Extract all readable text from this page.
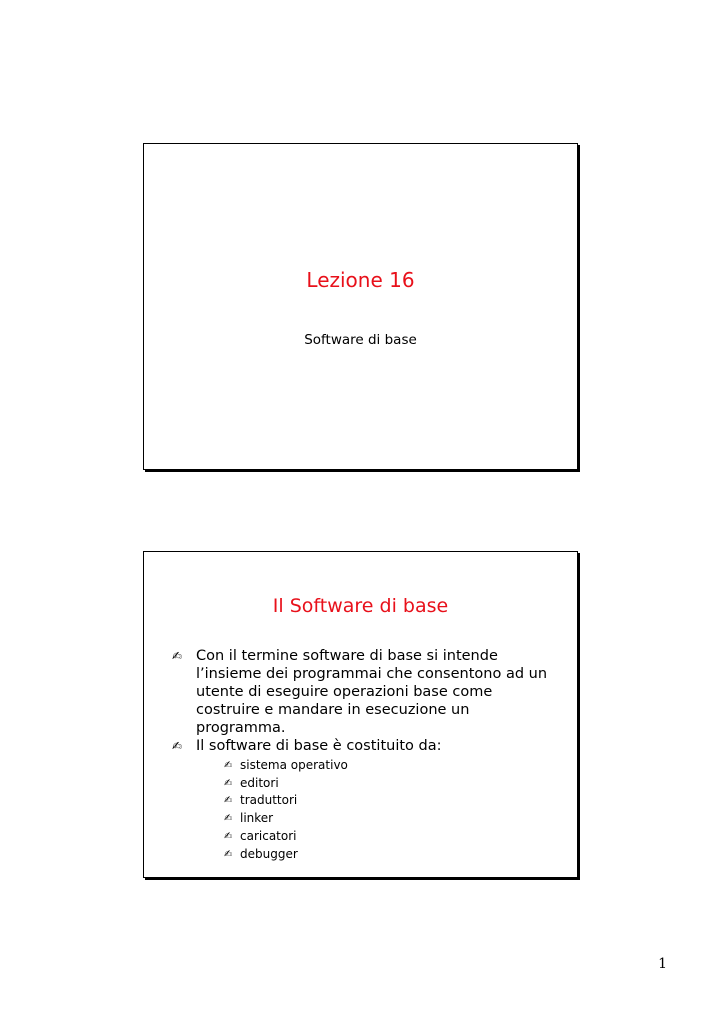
Lezione 16
Software di base
Il Software di base
✍ Con il termine software di base si intende
l’insieme dei programmai che consentono ad un
utente di eseguire operazioni base come
costruire e mandare in esecuzione un
programma.
✍ Il software di base è costituito da:
✍ sistema operativo
✍ editori
✍ traduttori
✍ linker
✍ caricatori
✍ debugger
1
